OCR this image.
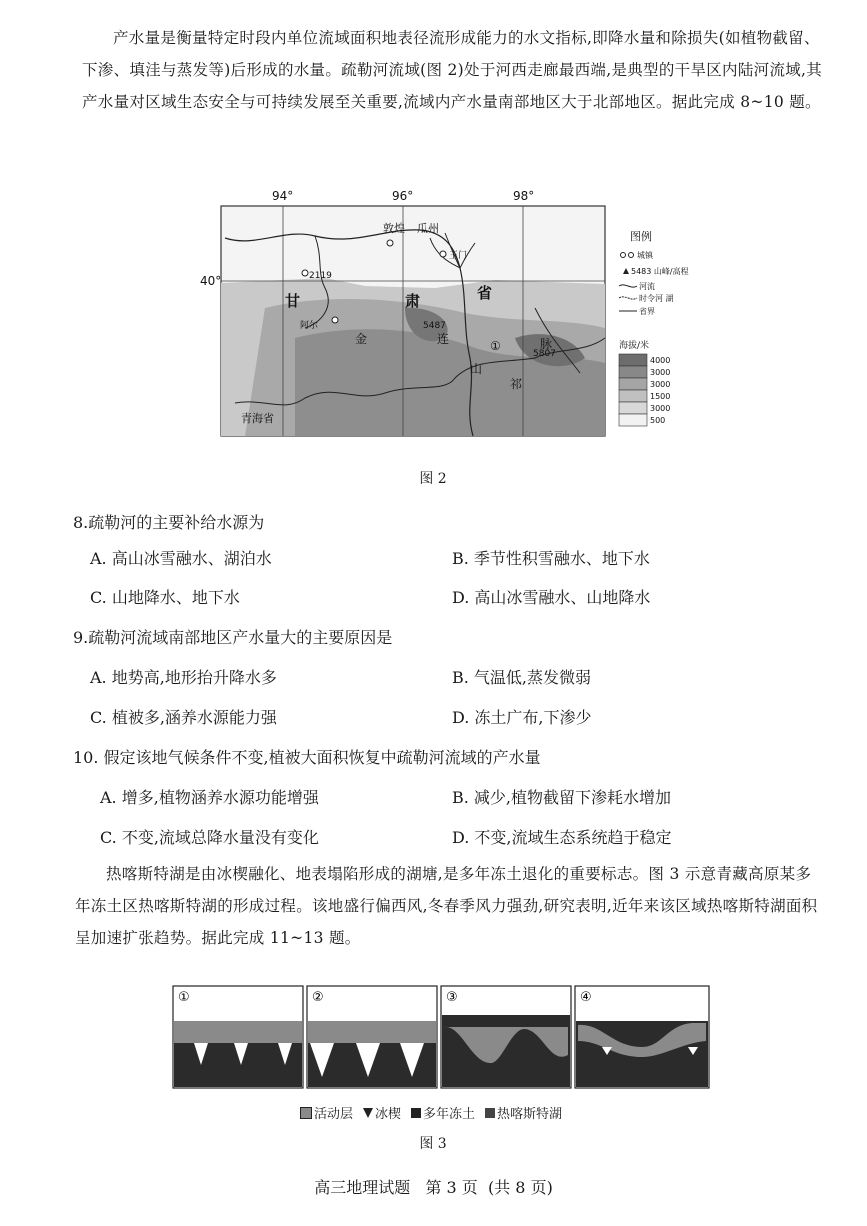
产水量是衡量特定时段内单位流域面积地表径流形成能力的水文指标,即降水量和除损失(如植物截留、下渗、填洼与蒸发等)后形成的水量。疏勒河流域(图 2)处于河西走廊最西端,是典型的干旱区内陆河流域,其产水量对区域生态安全与可持续发展至关重要,流域内产水量南部地区大于北部地区。据此完成 8~10 题。

94°	96°	98°
40°
敦煌 瓜州
玉门
2119
甘	肃	省
5487
5807
①
阿尔
金	连
山
祁
脉
青海省
图例
城镇
5483 山峰/高程
河流
时令河 湖
省界
海拔/米
4000
3000
3000
1500
3000
500
图 2

8.疏勒河的主要补给水源为

A. 高山冰雪融水、湖泊水	B. 季节性积雪融水、地下水

C. 山地降水、地下水	D. 高山冰雪融水、山地降水

9.疏勒河流域南部地区产水量大的主要原因是

A. 地势高,地形抬升降水多	B. 气温低,蒸发微弱

C. 植被多,涵养水源能力强	D. 冻土广布,下渗少

10. 假定该地气候条件不变,植被大面积恢复中疏勒河流域的产水量

A. 增多,植物涵养水源功能增强	B. 减少,植物截留下渗耗水增加

C. 不变,流域总降水量没有变化	D. 不变,流域生态系统趋于稳定

热喀斯特湖是由冰楔融化、地表塌陷形成的湖塘,是多年冻土退化的重要标志。图 3 示意青藏高原某多年冻土区热喀斯特湖的形成过程。该地盛行偏西风,冬春季风力强劲,研究表明,近年来该区域热喀斯特湖面积呈加速扩张趋势。据此完成 11~13 题。

①	②	③	④
活动层 冰楔 多年冻土 热喀斯特湖
图 3
高三地理试题   第 3 页  (共 8 页)
